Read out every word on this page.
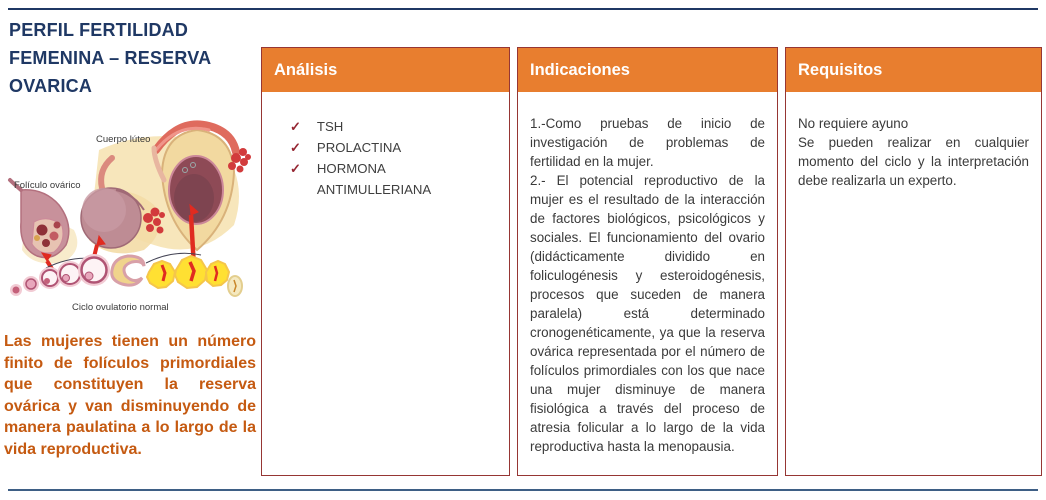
PERFIL FERTILIDAD FEMENINA – RESERVA OVARICA
Cuerpo lúteo
Folículo ovárico
Ciclo ovulatorio normal

Las mujeres tienen un número finito de folículos primordiales que constituyen la reserva ovárica y van disminuyendo de manera paulatina a lo largo de la vida reproductiva.

Análisis
✓ TSH
✓ PROLACTINA
✓ HORMONA ANTIMULLERIANA
Indicaciones

1.-Como pruebas de inicio de investigación de problemas de fertilidad en la mujer.

2.- El potencial reproductivo de la mujer es el resultado de la interacción de factores biológicos, psicológicos y sociales. El funcionamiento del ovario (didácticamente dividido en foliculogénesis y esteroidogénesis, procesos que suceden de manera paralela) está determinado cronogenéticamente, ya que la reserva ovárica representada por el número de folículos primordiales con los que nace una mujer disminuye de manera fisiológica a través del proceso de atresia folicular a lo largo de la vida reproductiva hasta la menopausia.

Requisitos

No requiere ayuno

Se pueden realizar en cualquier momento del ciclo y la interpretación debe realizarla un experto.
